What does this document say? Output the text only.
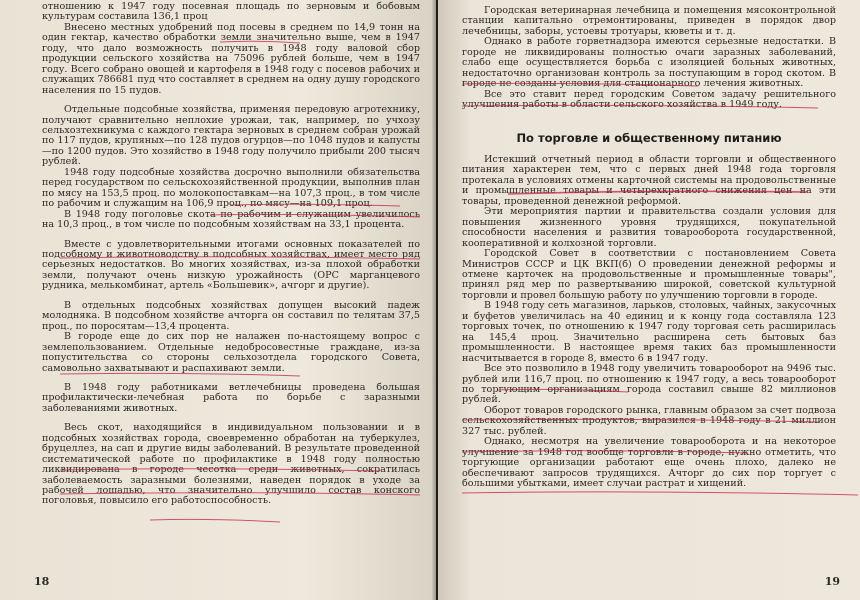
отношению к 1947 году посевная площадь по зерновым и бобовым культурам составила 136,1 проц

Внесено местных удобрений под посевы в среднем по 14,9 тонн на один гектар, качество обработки земли значительно выше, чем в 1947 году, что дало возможность получить в 1948 году валовой сбор продукции сельского хозяйства на 75096 рублей больше, чем в 1947 году. Всего собрано овощей и картофеля в 1948 году с посевов рабочих и служащих 786681 пуд что составляет в среднем на одну душу городского населения по 15 пудов.

Отдельные подсобные хозяйства, применяя передовую агротехнику, получают сравнительно неплохие урожаи, так, например, по учхозу сельхозтехникума с каждого гектара зерновых в среднем собран урожай по 117 пудов, крупяных—по 128 пудов огурцов—по 1048 пудов и капусты—по 1200 пудов. Это хозяйство в 1948 году получило прибыли 200 тысяч рублей.

1948 году подсобные хозяйства досрочно выполнили обязательства перед государством по сельскохозяйственной продукции, выполнив план по мясу на 153,5 проц. по молокопоставкам—на 107,3 проц., в том числе по рабочим и служащим на 106,9 проц., по мясу—на 109,1 проц.

В 1948 году поголовье скота по рабочим и служащим увеличилось на 10,3 проц., в том числе по подсобным хозяйствам на 33,1 процента.

Вместе с удовлетворительными итогами основных показателей по подсобному и животноводству в подсобных хозяйствах, имеет место ряд серьезных недостатков. Во многих хозяйствах, из-за плохой обработки земли, получают очень низкую урожайность (ОРС марганцевого рудника, мелькомбинат, артель «Большевик», ачгорг и другие).

В отдельных подсобных хозяйствах допущен высокий падеж молодняка. В подсобном хозяйстве ачторга он составил по телятам 37,5 проц., по поросятам—13,4 процента.

В городе еще до сих пор не налажен по-настоящему вопрос с землепользованием. Отдельные недобросовестные граждане, из-за попустительства со стороны сельхозотдела городского Совета, самовольно захватывают и распахивают земли.

В 1948 году работниками ветлечебницы проведена большая профилактически-лечебная работа по борьбе с заразными заболеваниями животных.

Весь скот, находящийся в индивидуальном пользовании и в подсобных хозяйствах города, своевременно обработан на туберкулез, бруцеллез, на сап и другие виды заболеваний. В результате проведенной систематической работе по профилактике в 1948 году полностью ликвидирована в городе чесотка среди животных, сократилась заболеваемость заразными болезнями, наведен порядок в уходе за рабочей лошадью, что значительно улучшило состав конского поголовья, повысило его работоспособность.

18

Городская ветеринарная лечебница и помещения мясоконтрольной станции капитально отремонтированы, приведен в порядок двор лечебницы, заборы, устоевы тротуары, кюветы и т. д.

Однако в работе горветнадзора имеются серьезные недостатки. В городе не ликвидированы полностью очаги заразных заболеваний, слабо еще осуществляется борьба с изоляцией больных животных, недостаточно организован контроль за поступающим в город скотом. В городе не созданы условия для стационарного лечения животных.

Все это ставит перед городским Советом задачу решительного улучшения работы в области сельского хозяйства в 1949 году.

По торговле и общественному питанию

Истекший отчетный период в области торговли и общественного питания характерен тем, что с первых дней 1948 года торговля протекала в условиях отмены карточной системы на продовольственные и промышленные товары и четырехкратного снижения цен на эти товары, проведенной денежной реформой.

Эти мероприятия партии и правительства создали условия для повышения жизненного уровня трудящихся, покупательной способности населения и развития товарооборота государственной, кооперативной и колхозной торговли.

Городской Совет в соответствии с постановлением Совета Министров СССР и ЦК ВКП(б) О проведении денежной реформы и отмене карточек на продовольственные и промышленные товары", принял ряд мер по развертыванию широкой, советской культурной торговли и провел большую работу по улучшению торговли в городе.

В 1948 году сеть магазинов, ларьков, столовых, чайных, закусочных и буфетов увеличилась на 40 единиц и к концу года составляла 123 торговых точек, по отношению к 1947 году торговая сеть расширилась на 145,4 проц. Значительно расширена сеть бытовых баз промышленности. В настоящее время таких баз промышленности насчитывается в городе 8, вместо 6 в 1947 году.

Все это позволило в 1948 году увеличить товарооборот на 9496 тыс. рублей или 116,7 проц. по отношению к 1947 году, а весь товарооборот по торгующим организациям города составил свыше 82 миллионов рублей.

Оборот товаров городского рынка, главным образом за счет подвоза сельскохозяйственных продуктов, выразился в 1948 году в 21 миллион 327 тыс. рублей.

Однако, несмотря на увеличение товарооборота и на некоторое улучшение за 1948 год вообще торговли в городе, нужно отметить, что торгующие организации работают еще очень плохо, далеко не обеспечивают запросов трудящихся. Ачторг до сих пор торгует с большими убытками, имеет случаи растрат и хищений.

19
